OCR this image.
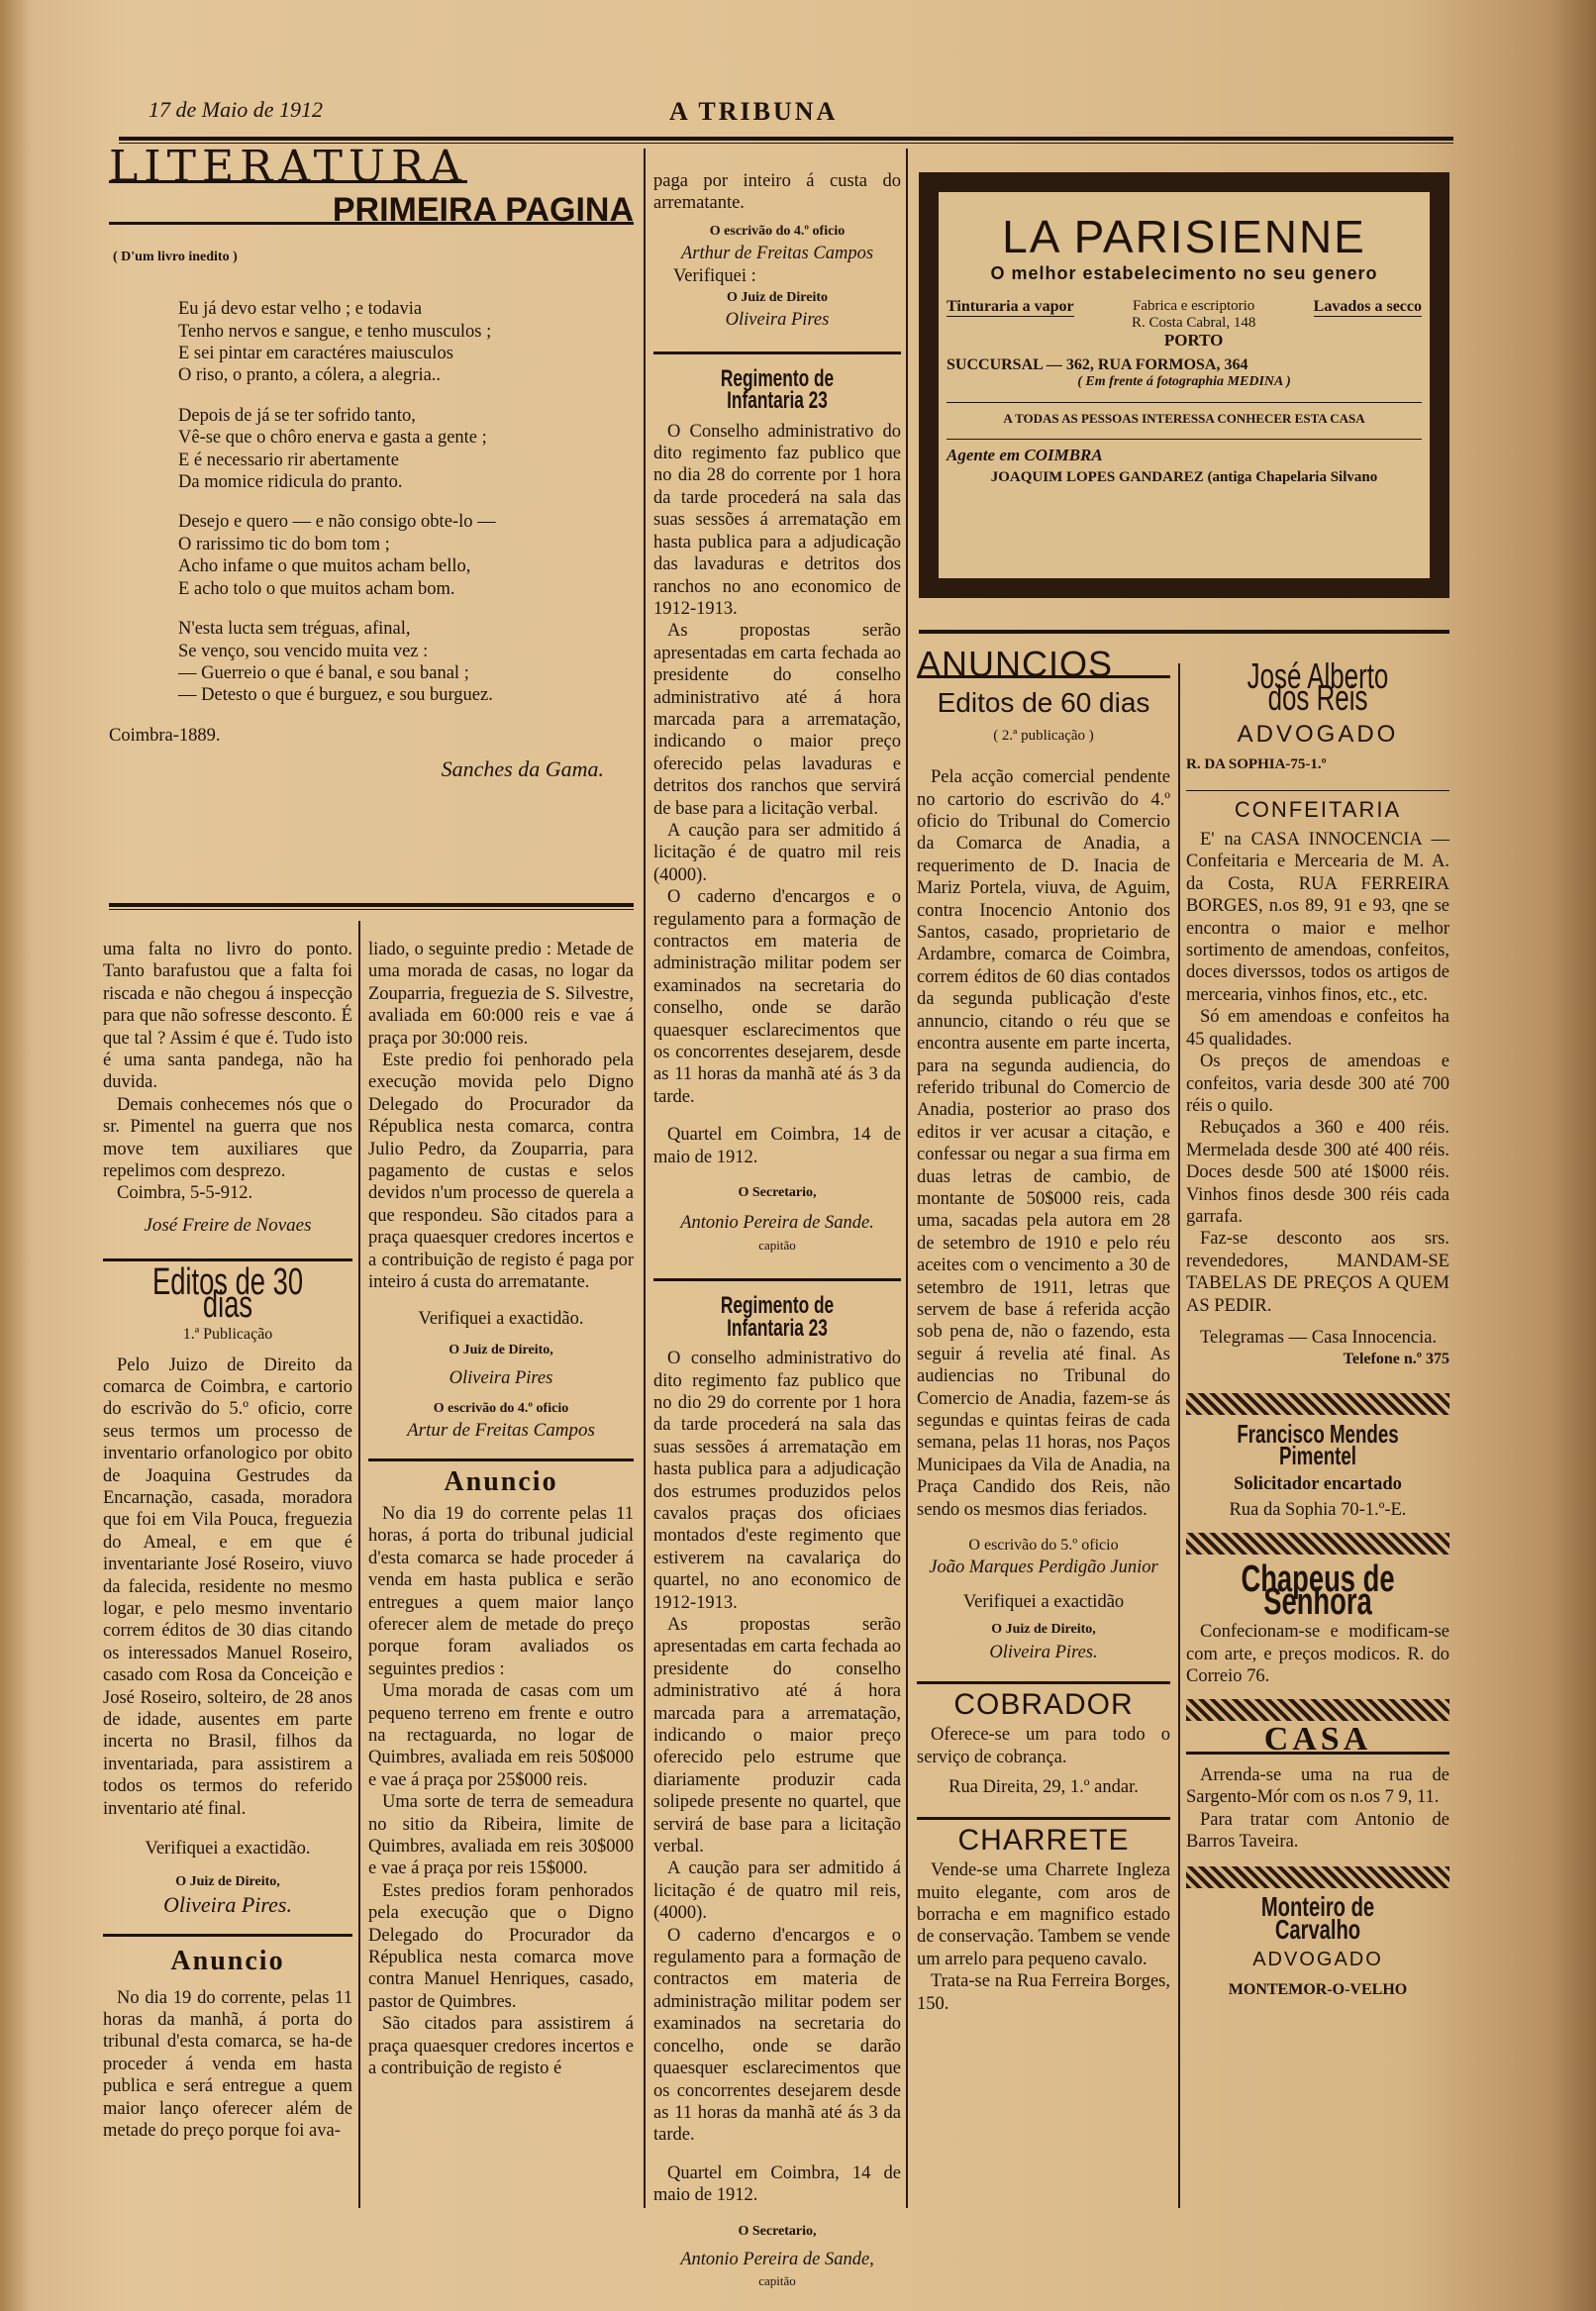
17 de Maio de 1912	A TRIBUNA
LITERATURA
PRIMEIRA PAGINA
( D'um livro inedito )
Eu já devo estar velho ; e todavia
Tenho nervos e sangue, e tenho musculos ;
E sei pintar em caractéres maiusculos
O riso, o pranto, a cólera, a alegria..
Depois de já se ter sofrido tanto,
Vê-se que o chôro enerva e gasta a gente ;
E é necessario rir abertamente
Da momice ridicula do pranto.
Desejo e quero — e não consigo obte-lo —
O rarissimo tic do bom tom ;
Acho infame o que muitos acham bello,
E acho tolo o que muitos acham bom.
N'esta lucta sem tréguas, afinal,
Se venço, sou vencido muita vez :
— Guerreio o que é banal, e sou banal ;
— Detesto o que é burguez, e sou burguez.
Coimbra-1889.
Sanches da Gama.

uma falta no livro do ponto. Tanto barafustou que a falta foi riscada e não chegou á inspecção para que não sofresse desconto. É que tal ? Assim é que é. Tudo isto é uma santa pandega, não ha duvida.

Demais conhecemes nós que o sr. Pimentel na guerra que nos move tem auxiliares que repelimos com desprezo.

Coimbra, 5-5-912.

José Freire de Novaes

Editos de 30 dias

1.ª Publicação

Pelo Juizo de Direito da comarca de Coimbra, e cartorio do escrivão do 5.º oficio, corre seus termos um processo de inventario orfanologico por obito de Joaquina Gestrudes da Encarnação, casada, moradora que foi em Vila Pouca, freguezia do Ameal, e em que é inventariante José Roseiro, viuvo da falecida, residente no mesmo logar, e pelo mesmo inventario correm éditos de 30 dias citando os interessados Manuel Roseiro, casado com Rosa da Conceição e José Roseiro, solteiro, de 28 anos de idade, ausentes em parte incerta no Brasil, filhos da inventariada, para assistirem a todos os termos do referido inventario até final.

Verifiquei a exactidão.

O Juiz de Direito,

Oliveira Pires.

Anuncio

No dia 19 do corrente, pelas 11 horas da manhã, á porta do tribunal d'esta comarca, se ha-de proceder á venda em hasta publica e será entregue a quem maior lanço oferecer além de metade do preço porque foi ava-

liado, o seguinte predio : Metade de uma morada de casas, no logar da Zouparria, freguezia de S. Silvestre, avaliada em 60:000 reis e vae á praça por 30:000 reis.

Este predio foi penhorado pela execução movida pelo Digno Delegado do Procurador da Républica nesta comarca, contra Julio Pedro, da Zouparria, para pagamento de custas e selos devidos n'um processo de querela a que respondeu. São citados para a praça quaesquer credores incertos e a contribuição de registo é paga por inteiro á custa do arrematante.

Verifiquei a exactidão.

O Juiz de Direito,

Oliveira Pires

O escrivão do 4.º oficio

Artur de Freitas Campos

Anuncio

No dia 19 do corrente pelas 11 horas, á porta do tribunal judicial d'esta comarca se hade proceder á venda em hasta publica e serão entregues a quem maior lanço oferecer alem de metade do preço porque foram avaliados os seguintes predios :

Uma morada de casas com um pequeno terreno em frente e outro na rectaguarda, no logar de Quimbres, avaliada em reis 50$000 e vae á praça por 25$000 reis.

Uma sorte de terra de semeadura no sitio da Ribeira, limite de Quimbres, avaliada em reis 30$000 e vae á praça por reis 15$000.

Estes predios foram penhorados pela execução que o Digno Delegado do Procurador da Républica nesta comarca move contra Manuel Henriques, casado, pastor de Quimbres.

São citados para assistirem á praça quaesquer credores incertos e a contribuição de registo é

paga por inteiro á custa do arrematante.

O escrivão do 4.º oficio

Arthur de Freitas Campos

Verifiquei :

O Juiz de Direito

Oliveira Pires

Regimento de Infantaria 23

O Conselho administrativo do dito regimento faz publico que no dia 28 do corrente por 1 hora da tarde procederá na sala das suas sessões á arrematação em hasta publica para a adjudicação das lavaduras e detritos dos ranchos no ano economico de 1912-1913.

As propostas serão apresentadas em carta fechada ao presidente do conselho administrativo até á hora marcada para a arrematação, indicando o maior preço oferecido pelas lavaduras e detritos dos ranchos que servirá de base para a licitação verbal.

A caução para ser admitido á licitação é de quatro mil reis (4000).

O caderno d'encargos e o regulamento para a formação de contractos em materia de administração militar podem ser examinados na secretaria do conselho, onde se darão quaesquer esclarecimentos que os concorrentes desejarem, desde as 11 horas da manhã até ás 3 da tarde.

Quartel em Coimbra, 14 de maio de 1912.

O Secretario,

Antonio Pereira de Sande.

capitão

Regimento de Infantaria 23

O conselho administrativo do dito regimento faz publico que no dio 29 do corrente por 1 hora da tarde procederá na sala das suas sessões á arrematação em hasta publica para a adjudicação dos estrumes produzidos pelos cavalos praças dos oficiaes montados d'este regimento que estiverem na cavalariça do quartel, no ano economico de 1912-1913.

As propostas serão apresentadas em carta fechada ao presidente do conselho administrativo até á hora marcada para a arrematação, indicando o maior preço oferecido pelo estrume que diariamente produzir cada solipede presente no quartel, que servirá de base para a licitação verbal.

A caução para ser admitido á licitação é de quatro mil reis, (4000).

O caderno d'encargos e o regulamento para a formação de contractos em materia de administração militar podem ser examinados na secretaria do concelho, onde se darão quaesquer esclarecimentos que os concorrentes desejarem desde as 11 horas da manhã até ás 3 da tarde.

Quartel em Coimbra, 14 de maio de 1912.

O Secretario,

Antonio Pereira de Sande,

capitão

LA PARISIENNE
O melhor estabelecimento no seu genero
Tinturaria a vapor	Fabrica e escriptorio
R. Costa Cabral, 148
PORTO
Lavados a secco
SUCCURSAL — 362, RUA FORMOSA, 364
( Em frente á fotographia MEDINA )
A TODAS AS PESSOAS INTERESSA CONHECER ESTA CASA
Agente em COIMBRA
JOAQUIM LOPES GANDAREZ (antiga Chapelaria Silvano
ANUNCIOS
Editos de 60 dias

( 2.ª publicação )

Pela acção comercial pendente no cartorio do escrivão do 4.º oficio do Tribunal do Comercio da Comarca de Anadia, a requerimento de D. Inacia de Mariz Portela, viuva, de Aguim, contra Inocencio Antonio dos Santos, casado, proprietario de Ardambre, comarca de Coimbra, correm éditos de 60 dias contados da segunda publicação d'este annuncio, citando o réu que se encontra ausente em parte incerta, para na segunda audiencia, do referido tribunal do Comercio de Anadia, posterior ao praso dos editos ir ver acusar a citação, e confessar ou negar a sua firma em duas letras de cambio, de montante de 50$000 reis, cada uma, sacadas pela autora em 28 de setembro de 1910 e pelo réu aceites com o vencimento a 30 de setembro de 1911, letras que servem de base á referida acção sob pena de, não o fazendo, esta seguir á revelia até final. As audiencias no Tribunal do Comercio de Anadia, fazem-se ás segundas e quintas feiras de cada semana, pelas 11 horas, nos Paços Municipaes da Vila de Anadia, na Praça Candido dos Reis, não sendo os mesmos dias feriados.

O escrivão do 5.º oficio

João Marques Perdigão Junior

Verifiquei a exactidão

O Juiz de Direito,

Oliveira Pires.

COBRADOR

Oferece-se um para todo o serviço de cobrança.

Rua Direita, 29, 1.º andar.

CHARRETE

Vende-se uma Charrete Ingleza muito elegante, com aros de borracha e em magnifico estado de conservação. Tambem se vende um arrelo para pequeno cavalo.

Trata-se na Rua Ferreira Borges, 150.

José Alberto dos Reis
ADVOGADO
R. DA SOPHIA-75-1.º
CONFEITARIA

E' na CASA INNOCENCIA — Confeitaria e Mercearia de M. A. da Costa, RUA FERREIRA BORGES, n.os 89, 91 e 93, qne se encontra o maior e melhor sortimento de amendoas, confeitos, doces diverssos, todos os artigos de mercearia, vinhos finos, etc., etc.

Só em amendoas e confeitos ha 45 qualidades.

Os preços de amendoas e confeitos, varia desde 300 até 700 réis o quilo.

Rebuçados a 360 e 400 réis. Mermelada desde 300 até 400 réis. Doces desde 500 até 1$000 réis. Vinhos finos desde 300 réis cada garrafa.

Faz-se desconto aos srs. revendedores, MANDAM-SE TABELAS DE PREÇOS A QUEM AS PEDIR.

Telegramas — Casa Innocencia.

Telefone n.º 375

Francisco Mendes Pimentel
Solicitador encartado
Rua da Sophia 70-1.º-E.
Chapeus de Senhora

Confecionam-se e modificam-se com arte, e preços modicos. R. do Correio 76.

CASA

Arrenda-se uma na rua de Sargento-Mór com os n.os 7 9, 11.

Para tratar com Antonio de Barros Taveira.

Monteiro de Carvalho
ADVOGADO
MONTEMOR-O-VELHO
